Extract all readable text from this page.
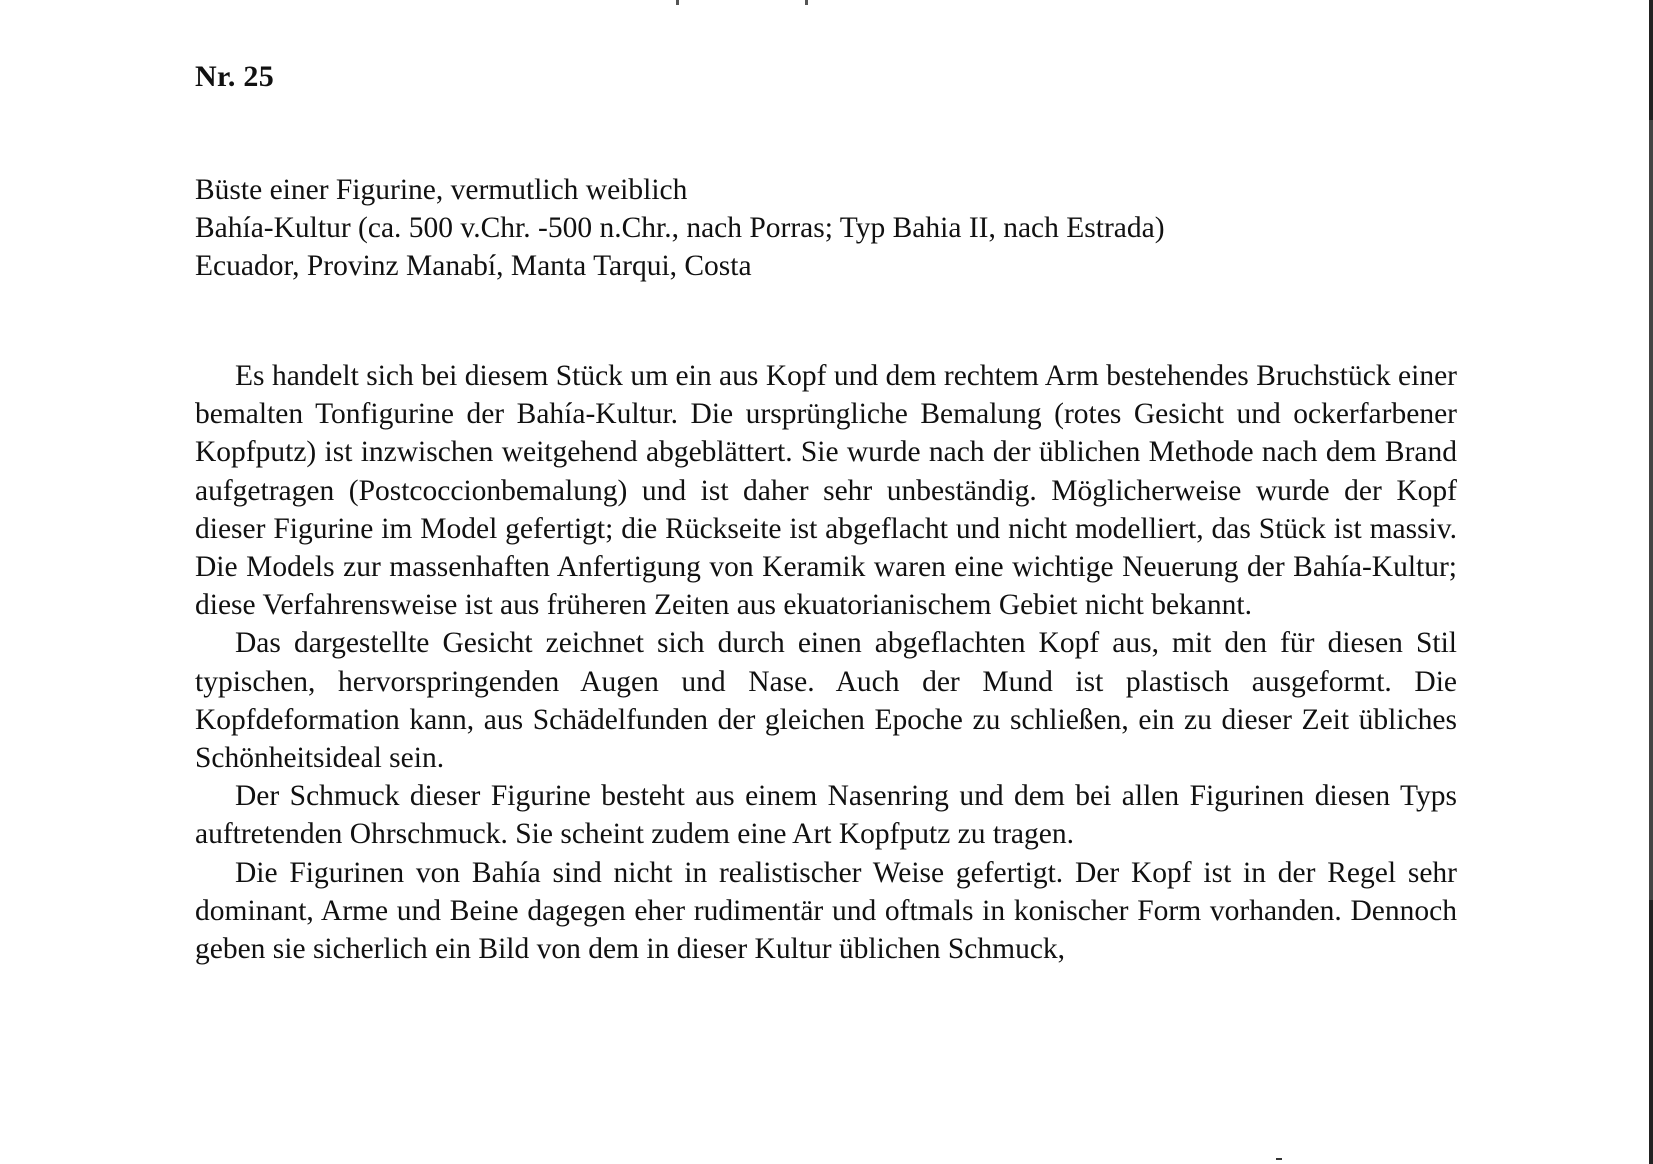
Nr. 25

Büste einer Figurine, vermutlich weiblich

Bahía-Kultur (ca. 500 v.Chr. -500 n.Chr., nach Porras; Typ Bahia II, nach Estrada)

Ecuador, Provinz Manabí, Manta Tarqui, Costa

Es handelt sich bei diesem Stück um ein aus Kopf und dem rechtem Arm bestehendes Bruchstück einer bemalten Tonfigurine der Bahía-Kultur. Die ursprüngliche Bemalung (rotes Gesicht und ockerfarbener Kopfputz) ist inzwischen weitgehend abgeblättert. Sie wurde nach der üblichen Methode nach dem Brand aufgetragen (Postcoccionbemalung) und ist daher sehr unbeständig. Möglicherweise wurde der Kopf dieser Figurine im Model gefertigt; die Rückseite ist abgeflacht und nicht modelliert, das Stück ist massiv. Die Models zur massenhaften Anfertigung von Keramik waren eine wichtige Neuerung der Bahía-Kultur; diese Verfahrensweise ist aus früheren Zeiten aus ekuatorianischem Gebiet nicht bekannt.

Das dargestellte Gesicht zeichnet sich durch einen abgeflachten Kopf aus, mit den für diesen Stil typischen, hervorspringenden Augen und Nase. Auch der Mund ist plastisch ausgeformt. Die Kopfdeformation kann, aus Schädelfunden der gleichen Epoche zu schließen, ein zu dieser Zeit übliches Schönheitsideal sein.

Der Schmuck dieser Figurine besteht aus einem Nasenring und dem bei allen Figurinen diesen Typs auftretenden Ohrschmuck. Sie scheint zudem eine Art Kopfputz zu tragen.

Die Figurinen von Bahía sind nicht in realistischer Weise gefertigt. Der Kopf ist in der Regel sehr dominant, Arme und Beine dagegen eher rudimentär und oftmals in konischer Form vorhanden. Dennoch geben sie sicherlich ein Bild von dem in dieser Kultur üblichen Schmuck,
